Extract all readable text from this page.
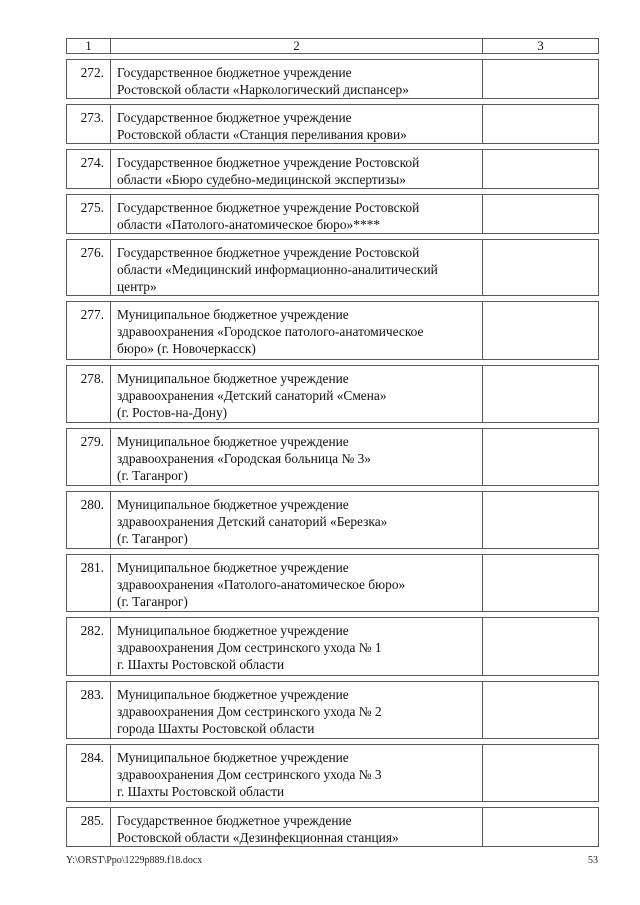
1	2	3

272.	Государственное бюджетное учреждение
Ростовской области «Наркологический диспансер»	

273.	Государственное бюджетное учреждение
Ростовской области «Станция переливания крови»	

274.	Государственное бюджетное учреждение Ростовской
области «Бюро судебно-медицинской экспертизы»	

275.	Государственное бюджетное учреждение Ростовской
области «Патолого-анатомическое бюро»****	

276.	Государственное бюджетное учреждение Ростовской
области «Медицинский информационно-аналитический
центр»	

277.	Муниципальное бюджетное учреждение
здравоохранения «Городское патолого-анатомическое
бюро» (г. Новочеркасск)	

278.	Муниципальное бюджетное учреждение
здравоохранения «Детский санаторий «Смена»
(г. Ростов-на-Дону)	

279.	Муниципальное бюджетное учреждение
здравоохранения «Городская больница № 3»
(г. Таганрог)	

280.	Муниципальное бюджетное учреждение
здравоохранения Детский санаторий «Березка»
(г. Таганрог)	

281.	Муниципальное бюджетное учреждение
здравоохранения «Патолого-анатомическое бюро»
(г. Таганрог)	

282.	Муниципальное бюджетное учреждение
здравоохранения Дом сестринского ухода № 1
г. Шахты Ростовской области	

283.	Муниципальное бюджетное учреждение
здравоохранения Дом сестринского ухода № 2
города Шахты Ростовской области	

284.	Муниципальное бюджетное учреждение
здравоохранения Дом сестринского ухода № 3
г. Шахты Ростовской области	

285.	Государственное бюджетное учреждение
Ростовской области «Дезинфекционная станция»	

Y:\ORST\Ppo\1229p889.f18.docx	53
